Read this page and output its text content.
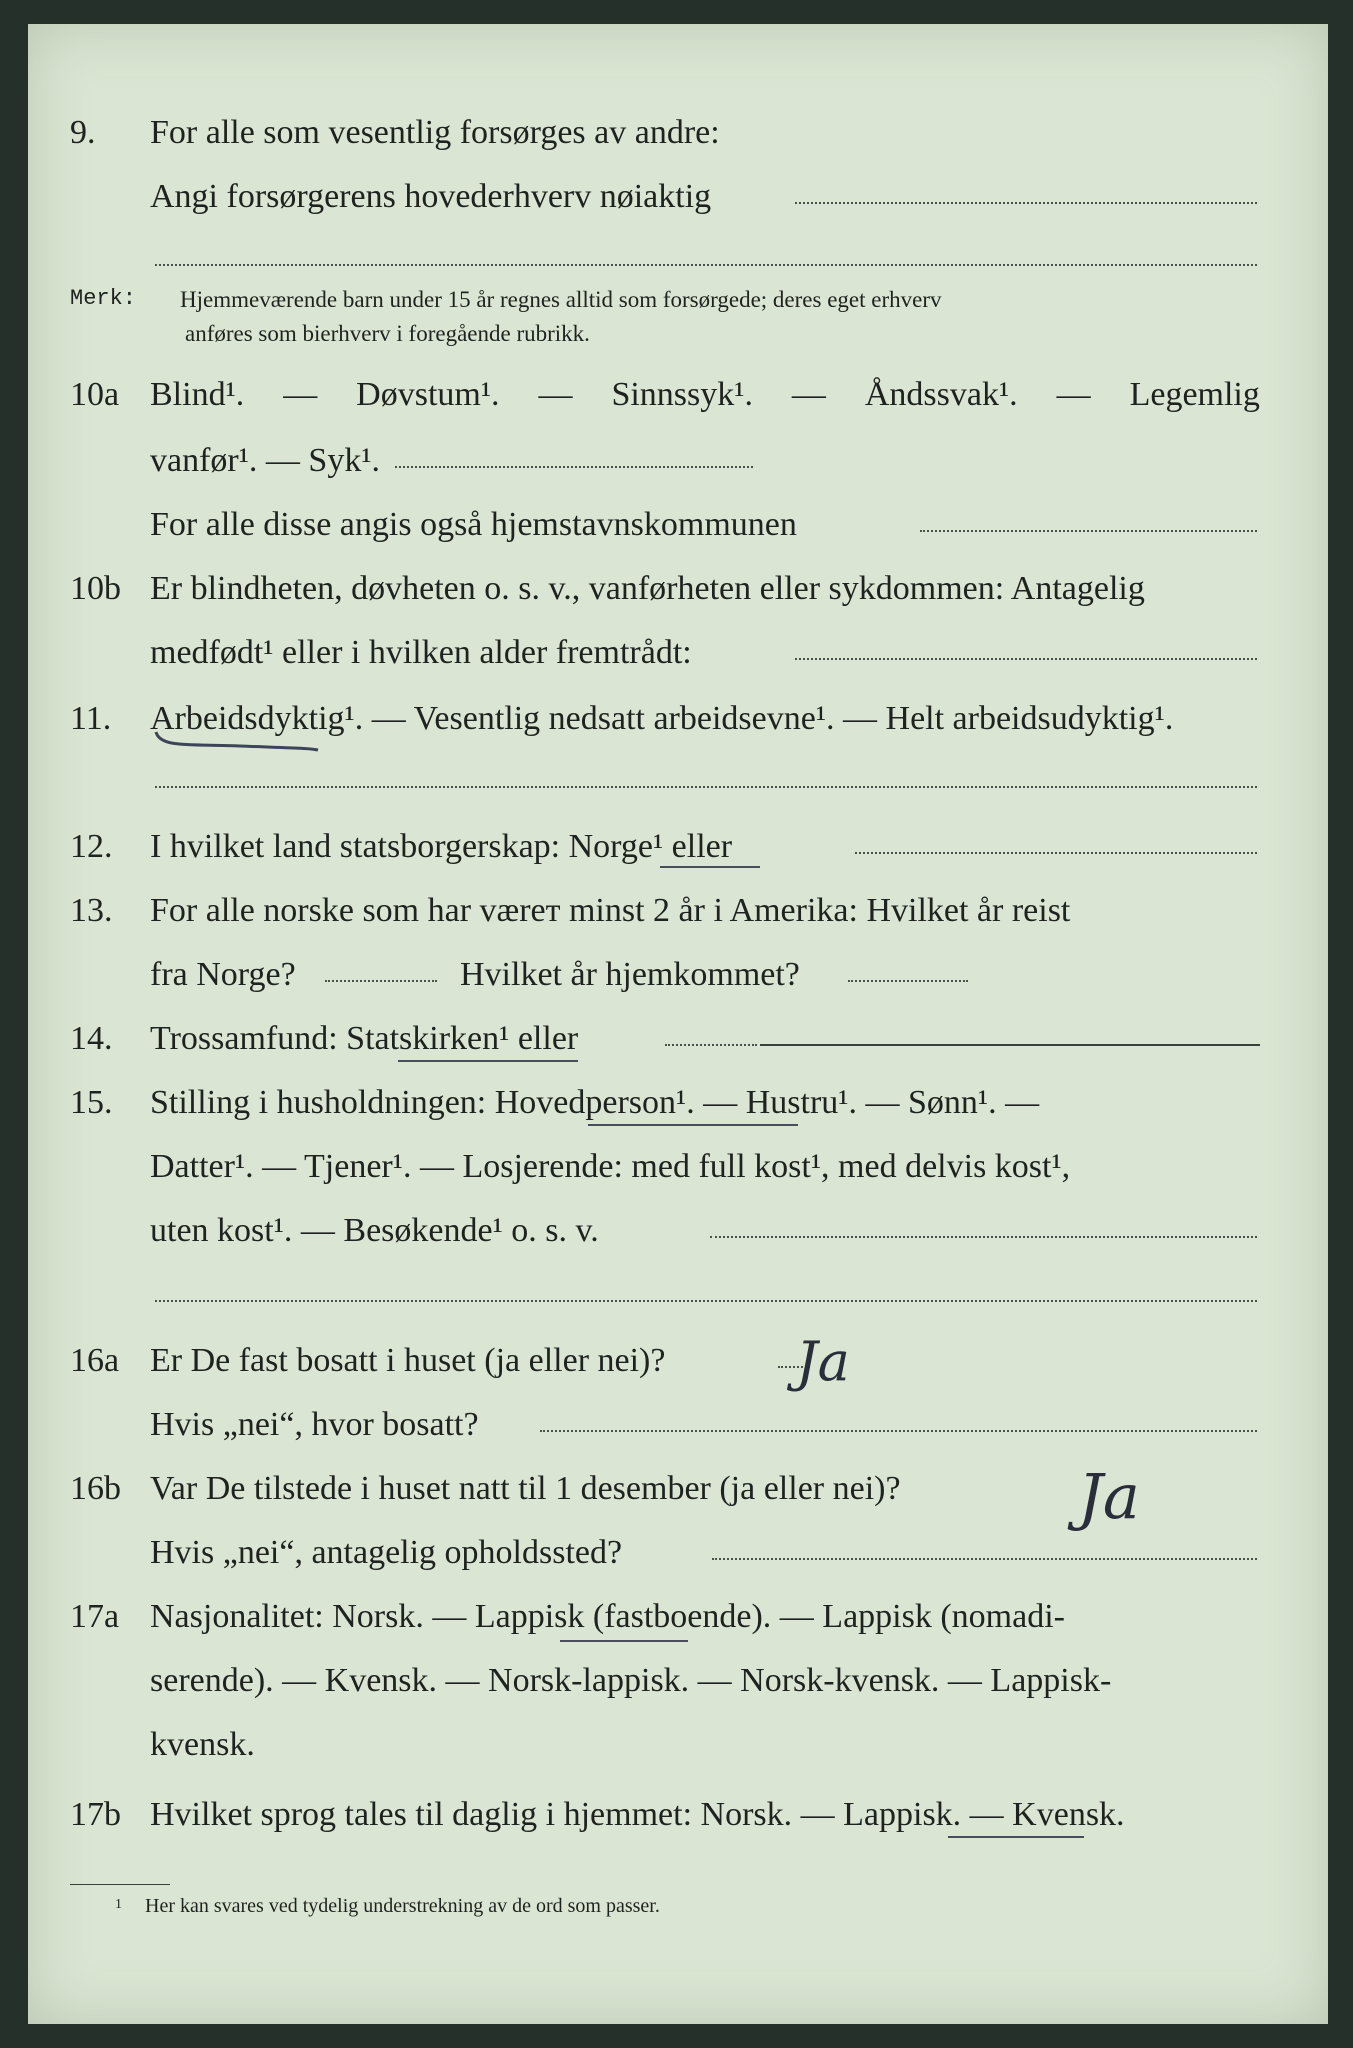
9. For alle som vesentlig forsørges av andre:
Angi forsørgerens hovederhverv nøiaktig
Merk: Hjemmeværende barn under 15 år regnes alltid som forsørgede; deres eget erhverv
anføres som bierhverv i foregående rubrikk.
10a Blind¹. — Døvstum¹. — Sinnssyk¹. — Åndssvak¹. — Legemlig
vanfør¹. — Syk¹.
For alle disse angis også hjemstavnskommunen
10b Er blindheten, døvheten o. s. v., vanførheten eller sykdommen: Antagelig
medfødt¹ eller i hvilken alder fremtrådt:
11. Arbeidsdyktig¹. — Vesentlig nedsatt arbeidsevne¹. — Helt arbeidsudyktig¹.
12. I hvilket land statsborgerskap: Norge¹ eller
13. For alle norske som har væreт minst 2 år i Amerika: Hvilket år reist
fra Norge?	Hvilket år hjemkommet?
14. Trossamfund: Statskirken¹ eller
15. Stilling i husholdningen: Hovedperson¹. — Hustru¹. — Sønn¹. —
Datter¹. — Tjener¹. — Losjerende: med full kost¹, med delvis kost¹,
uten kost¹. — Besøkende¹ o. s. v.
16a Er De fast bosatt i huset (ja eller nei)? Ja
Hvis „nei“, hvor bosatt?
16b Var De tilstede i huset natt til 1 desember (ja eller nei)?	Ja
Hvis „nei“, antagelig opholdssted?
17a Nasjonalitet: Norsk. — Lappisk (fastboende). — Lappisk (nomadi-
serende). — Kvensk. — Norsk-lappisk. — Norsk-kvensk. — Lappisk-
kvensk.
17b Hvilket sprog tales til daglig i hjemmet: Norsk. — Lappisk. — Kvensk.
1 Her kan svares ved tydelig understrekning av de ord som passer.
